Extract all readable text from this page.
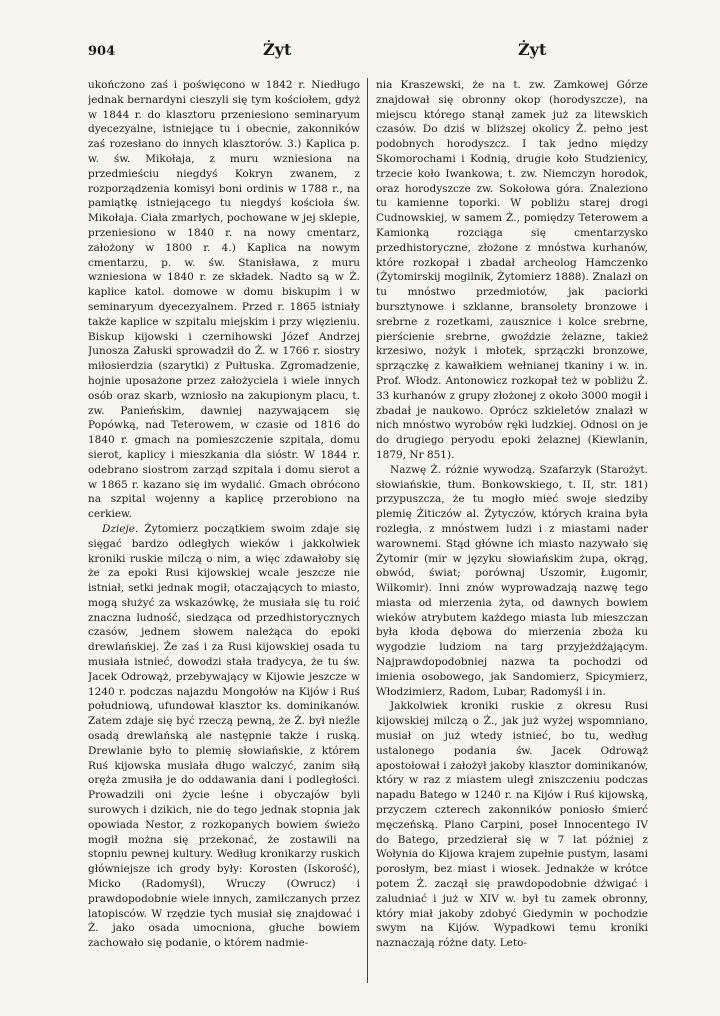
904	Żyt	Żyt

ukończono zaś i poświęcono w 1842 r. Niedługo jednak bernardyni cieszyli się tym kościołem, gdyż w 1844 r. do klasztoru przeniesiono seminaryum dyecezyalne, istniejące tu i obecnie, zakonników zaś rozesłano do innych klasztorów. 3.) Kaplica p. w. św. Mikołaja, z muru wzniesiona na przedmieściu niegdyś Kokryn zwanem, z rozporządzenia komisyi boni ordinis w 1788 r., na pamiątkę istniejącego tu niegdyś kościoła św. Mikołaja. Ciała zmarłych, pochowane w jej sklepie, przeniesiono w 1840 r. na nowy cmentarz, założony w 1800 r. 4.) Kaplica na nowym cmentarzu, p. w. św. Stanisława, z muru wzniesiona w 1840 r. ze składek. Nadto są w Ż. kaplice katol. domowe w domu biskupim i w seminaryum dyecezyalnem. Przed r. 1865 istniały także kaplice w szpitalu miejskim i przy więzieniu. Biskup kijowski i czernihowski Józef Andrzej Junosza Załuski sprowadził do Ż. w 1766 r. siostry miłosierdzia (szarytki) z Pułtuska. Zgromadzenie, hojnie uposażone przez założyciela i wiele innych osób oraz skarb, wzniosło na zakupionym placu, t. zw. Panieńskim, dawniej nazywającem się Popówką, nad Teterowem, w czasie od 1816 do 1840 r. gmach na pomieszczenie szpitala, domu sierot, kaplicy i mieszkania dla sióstr. W 1844 r. odebrano siostrom zarząd szpitala i domu sierot a w 1865 r. kazano się im wydalić. Gmach obrócono na szpital wojenny a kaplicę przerobiono na cerkiew.

Dzieje. Żytomierz początkiem swoim zdaje się sięgać bardzo odległych wieków i jakkolwiek kroniki ruskie milczą o nim, a więc zdawałoby się że za epoki Rusi kijowskiej wcale jeszcze nie istniał, setki jednak mogił, otaczających to miasto, mogą służyć za wskazówkę, że musiała się tu roić znaczna ludność, siedząca od przedhistorycznych czasów, jednem słowem należąca do epoki drewlańskiej. Że zaś i za Rusi kijowskiej osada tu musiała istnieć, dowodzi stała tradycya, że tu św. Jacek Odrowąż, przebywający w Kijowie jeszcze w 1240 r. podczas najazdu Mongołów na Kijów i Ruś południową, ufundował klasztor ks. dominikanów. Zatem zdaje się być rzeczą pewną, że Ż. był nieźle osadą drewlańską ale następnie także i ruską. Drewlanie było to plemię słowiańskie, z którem Ruś kijowska musiała długo walczyć, zanim siłą oręża zmusiła je do oddawania dani i podległości. Prowadzili oni życie leśne i obyczajów byli surowych i dzikich, nie do tego jednak stopnia jak opowiada Nestor, z rozkopanych bowiem świeżo mogił można się przekonać, że zostawili na stopniu pewnej kultury. Według kronikarzy ruskich główniejsze ich grody były: Korosten (Iskorość), Micko (Radomyśl), Wruczy (Owrucz) i prawdopodobnie wiele innych, zamilczanych przez latopisców. W rzędzie tych musiał się znajdować i Ż. jako osada umocniona, głuche bowiem zachowało się podanie, o którem nadmie-

nia Kraszewski, że na t. zw. Zamkowej Górze znajdował się obronny okop (horodyszcze), na miejscu którego stanął zamek już za litewskich czasów. Do dziś w bliższej okolicy Ż. pełno jest podobnych horodyszcz. I tak jedno między Skomorochami i Kodnią, drugie koło Studzienicy, trzecie koło Iwankowa, t. zw. Niemczyn horodok, oraz horodyszcze zw. Sokołowa góra. Znaleziono tu kamienne toporki. W pobliżu starej drogi Cudnowskiej, w samem Ż., pomiędzy Teterowem a Kamionką rozciąga się cmentarzysko przedhistoryczne, złożone z mnóstwa kurhanów, które rozkopał i zbadał archeolog Hamczenko (Żytomirskij mogilnik, Żytomierz 1888). Znalazł on tu mnóstwo przedmiotów, jak paciorki bursztynowe i szklanne, bransolety bronzowe i srebrne z rozetkami, zausznice i kolce srebrne, pierścienie srebrne, gwoździe żelazne, takież krzesiwo, nożyk i młotek, sprzączki bronzowe, sprzączkę z kawałkiem wełnianej tkaniny i w. in. Prof. Włodz. Antonowicz rozkopał też w pobliżu Ż. 33 kurhanów z grupy złożonej z około 3000 mogił i zbadał je naukowo. Oprócz szkieletów znalazł w nich mnóstwo wyrobów ręki ludzkiej. Odnosi on je do drugiego peryodu epoki żelaznej (Kiewlanin, 1879, Nr 851).

Nazwę Ż. różnie wywodzą. Szafarzyk (Starożyt. słowiańskie, tłum. Bonkowskiego, t. II, str. 181) przypuszcza, że tu mogło mieć swoje siedziby plemię Żiticzów al. Żytyczów, których kraina była rozległa, z mnóstwem ludzi i z miastami nader warownemi. Stąd główne ich miasto nazywało się Żytomir (mir w języku słowiańskim żupa, okrąg, obwód, świat; porównaj Uszomir, Ługomir, Wilkomir). Inni znów wyprowadzają nazwę tego miasta od mierzenia żyta, od dawnych bowiem wieków atrybutem każdego miasta lub mieszczan była kłoda dębowa do mierzenia zboża ku wygodzie ludziom na targ przyjeżdżającym. Najprawdopodobniej nazwa ta pochodzi od imienia osobowego, jak Sandomierz, Spicymierz, Włodzimierz, Radom, Lubar, Radomyśl i in.

Jakkolwiek kroniki ruskie z okresu Rusi kijowskiej milczą o Ż., jak już wyżej wspomniano, musiał on już wtedy istnieć, bo tu, według ustalonego podania św. Jacek Odrowąż apostołował i założył jakoby klasztor dominikanów, który w raz z miastem uległ zniszczeniu podczas napadu Batego w 1240 r. na Kijów i Ruś kijowską, przyczem czterech zakonników poniosło śmierć męczeńską. Plano Carpini, poseł Innocentego IV do Batego, przedzierał się w 7 lat później z Wołynia do Kijowa krajem zupełnie pustym, lasami porosłym, bez miast i wiosek. Jednakże w krótce potem Ż. zaczął się prawdopodobnie dźwigać i zaludniać i już w XIV w. był tu zamek obronny, który miał jakoby zdobyć Giedymin w pochodzie swym na Kijów. Wypadkowi temu kroniki naznaczają różne daty. Leto-
